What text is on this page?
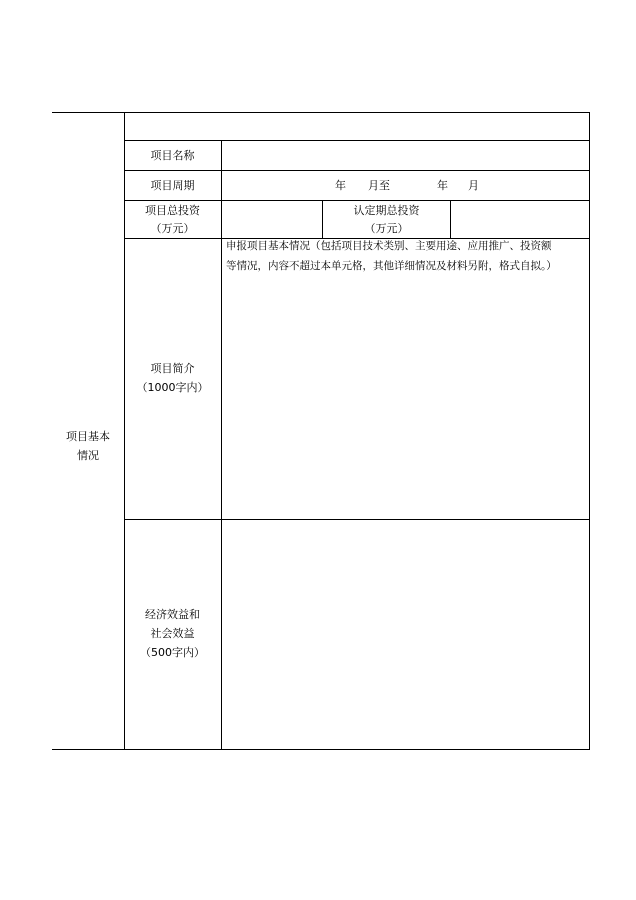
项目基本
情况
项目名称
项目周期	年 月至	年 月
项目总投资
（万元）
认定期总投资
（万元）
项目简介
（1000字内）
申报项目基本情况（包括项目技术类别、主要用途、应用推广、投资额
等情况，内容不超过本单元格，其他详细情况及材料另附，格式自拟。）
经济效益和
社会效益
（500字内）
